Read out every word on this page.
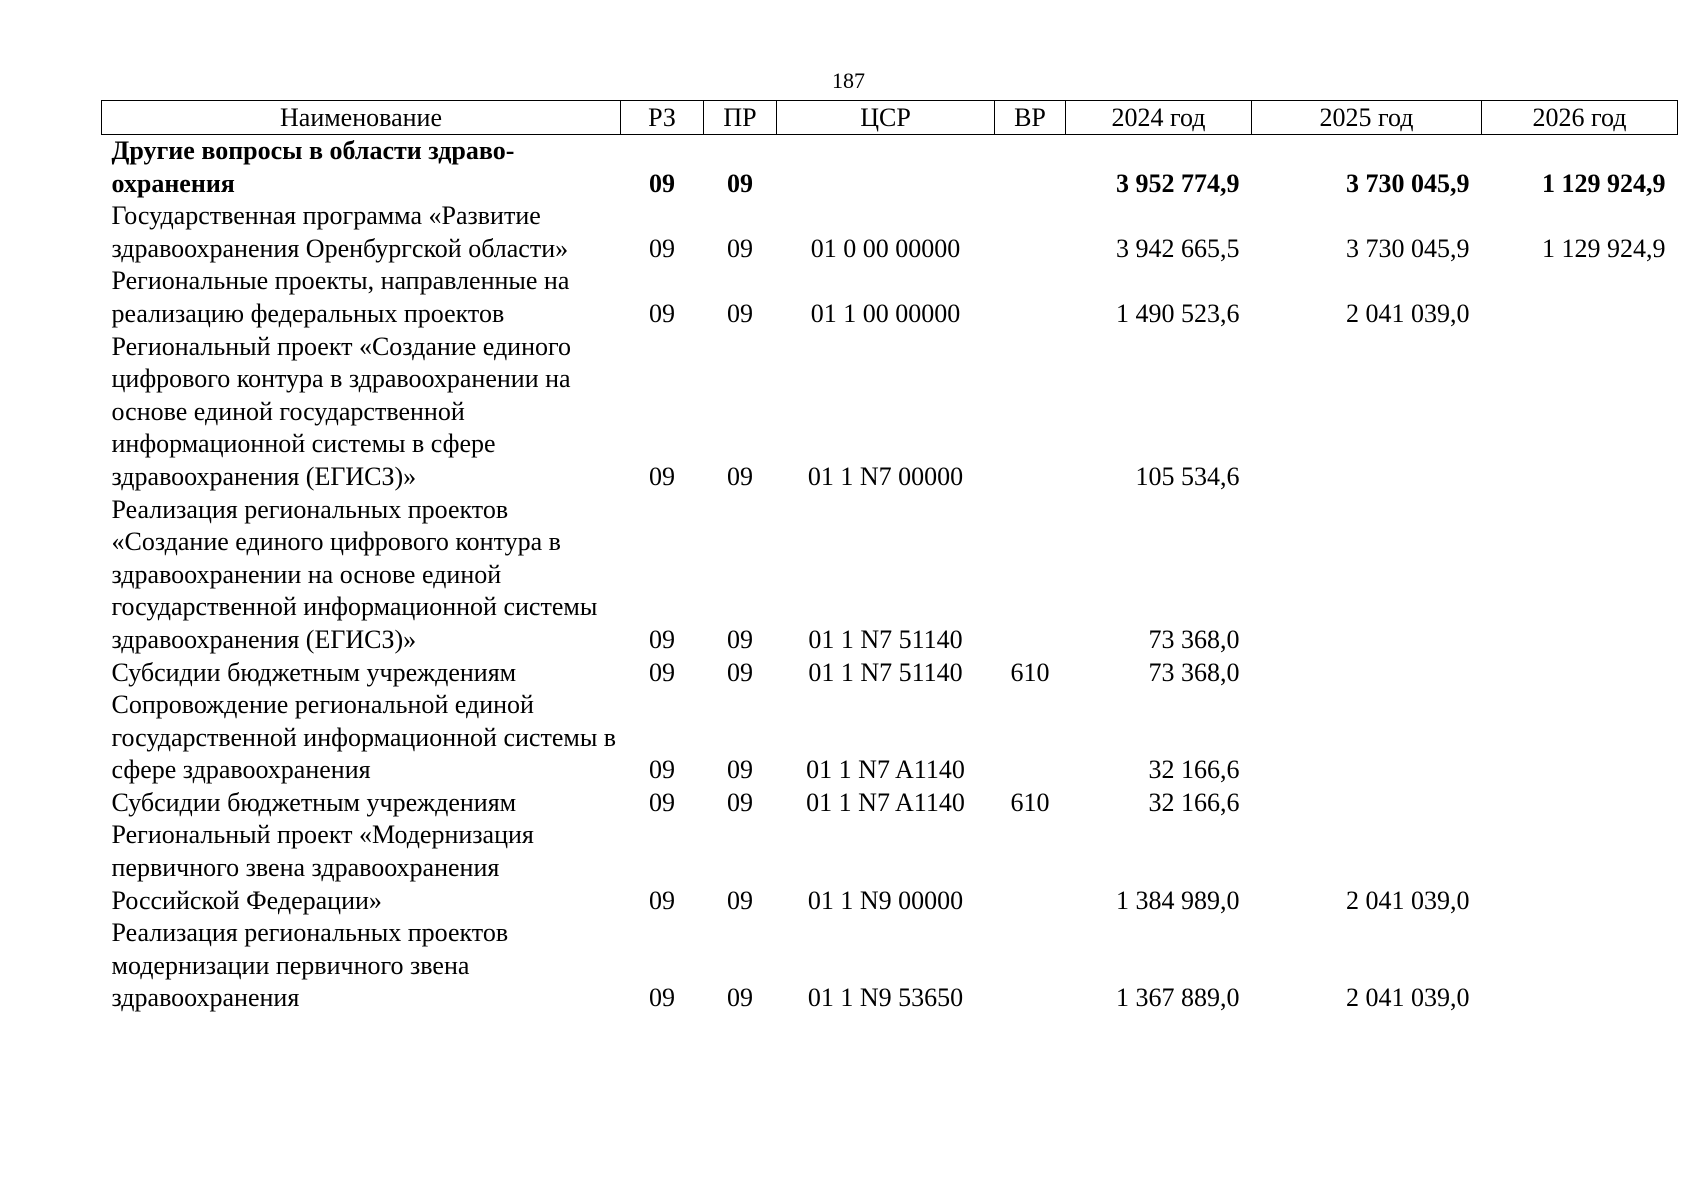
187
Наименование	РЗ	ПР	ЦСР	ВР	2024 год	2025 год	2026 год
Другие вопросы в области здраво-охранения	09	09			3 952 774,9	3 730 045,9	1 129 924,9
Государственная программа «Развитие здравоохранения Оренбургской области»	09	09	01 0 00 00000		3 942 665,5	3 730 045,9	1 129 924,9
Региональные проекты, направленные на реализацию федеральных проектов	09	09	01 1 00 00000		1 490 523,6	2 041 039,0	
Региональный проект «Создание единого цифрового контура в здравоохранении на основе единой государственной информационной системы в сфере здравоохранения (ЕГИСЗ)»	09	09	01 1 N7 00000		105 534,6		
Реализация региональных проектов «Создание единого цифрового контура в здравоохранении на основе единой государственной информационной системы здравоохранения (ЕГИСЗ)»	09	09	01 1 N7 51140		73 368,0		
Субсидии бюджетным учреждениям	09	09	01 1 N7 51140	610	73 368,0		
Сопровождение региональной единой государственной информационной системы в сфере здравоохранения	09	09	01 1 N7 A1140		32 166,6		
Субсидии бюджетным учреждениям	09	09	01 1 N7 A1140	610	32 166,6		
Региональный проект «Модернизация первичного звена здравоохранения Российской Федерации»	09	09	01 1 N9 00000		1 384 989,0	2 041 039,0	
Реализация региональных проектов модернизации первичного звена здравоохранения	09	09	01 1 N9 53650		1 367 889,0	2 041 039,0	
